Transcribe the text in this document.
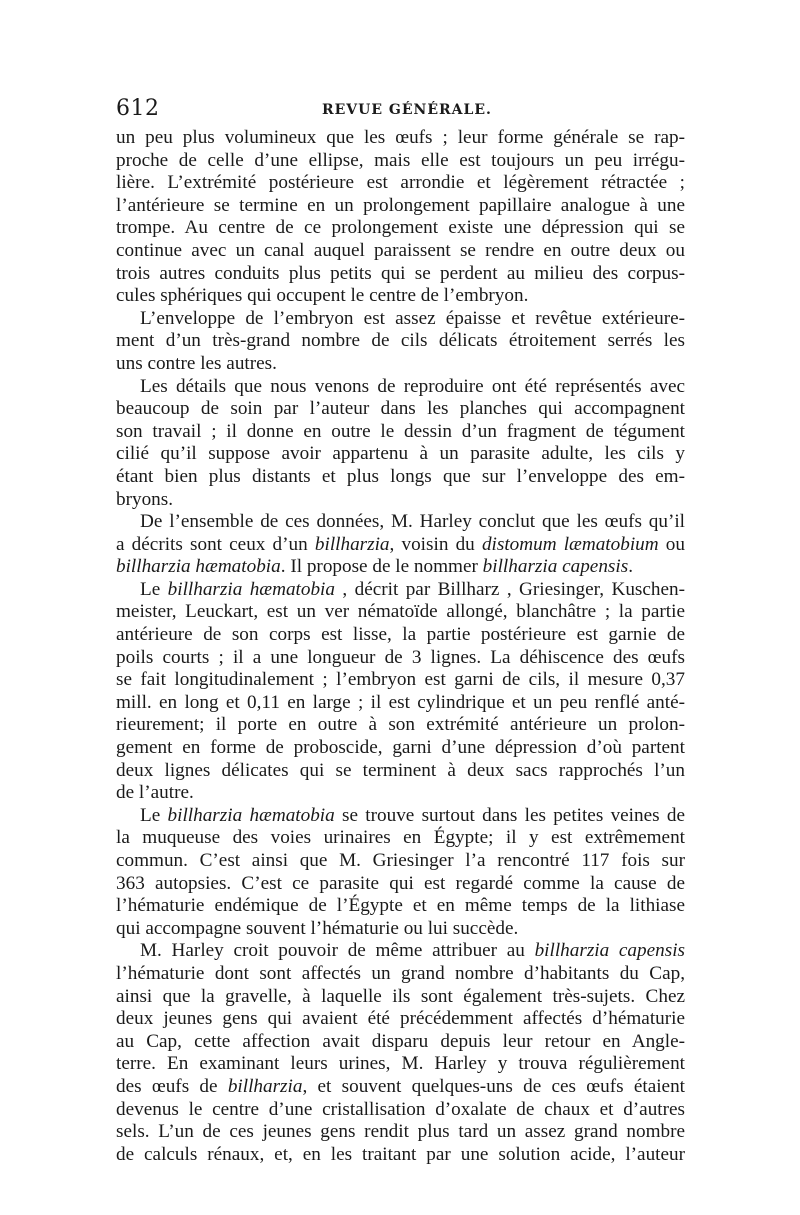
612	REVUE GÉNÉRALE.
un peu plus volumineux que les œufs ; leur forme générale se rap-
proche de celle d’une ellipse, mais elle est toujours un peu irrégu-
lière. L’extrémité postérieure est arrondie et légèrement rétractée ;
l’antérieure se termine en un prolongement papillaire analogue à une
trompe. Au centre de ce prolongement existe une dépression qui se
continue avec un canal auquel paraissent se rendre en outre deux ou
trois autres conduits plus petits qui se perdent au milieu des corpus-
cules sphériques qui occupent le centre de l’embryon.
L’enveloppe de l’embryon est assez épaisse et revêtue extérieure-
ment d’un très-grand nombre de cils délicats étroitement serrés les
uns contre les autres.
Les détails que nous venons de reproduire ont été représentés avec
beaucoup de soin par l’auteur dans les planches qui accompagnent
son travail ; il donne en outre le dessin d’un fragment de tégument
cilié qu’il suppose avoir appartenu à un parasite adulte, les cils y
étant bien plus distants et plus longs que sur l’enveloppe des em-
bryons.
De l’ensemble de ces données, M. Harley conclut que les œufs qu’il
a décrits sont ceux d’un billharzia, voisin du distomum læmatobium ou
billharzia hæmatobia. Il propose de le nommer billharzia capensis.
Le billharzia hæmatobia , décrit par Billharz , Griesinger, Kuschen-
meister, Leuckart, est un ver nématoïde allongé, blanchâtre ; la partie
antérieure de son corps est lisse, la partie postérieure est garnie de
poils courts ; il a une longueur de 3 lignes. La déhiscence des œufs
se fait longitudinalement ; l’embryon est garni de cils, il mesure 0,37
mill. en long et 0,11 en large ; il est cylindrique et un peu renflé anté-
rieurement; il porte en outre à son extrémité antérieure un prolon-
gement en forme de proboscide, garni d’une dépression d’où partent
deux lignes délicates qui se terminent à deux sacs rapprochés l’un
de l’autre.
Le billharzia hæmatobia se trouve surtout dans les petites veines de
la muqueuse des voies urinaires en Égypte; il y est extrêmement
commun. C’est ainsi que M. Griesinger l’a rencontré 117 fois sur
363 autopsies. C’est ce parasite qui est regardé comme la cause de
l’hématurie endémique de l’Égypte et en même temps de la lithiase
qui accompagne souvent l’hématurie ou lui succède.
M. Harley croit pouvoir de même attribuer au billharzia capensis
l’hématurie dont sont affectés un grand nombre d’habitants du Cap,
ainsi que la gravelle, à laquelle ils sont également très-sujets. Chez
deux jeunes gens qui avaient été précédemment affectés d’hématurie
au Cap, cette affection avait disparu depuis leur retour en Angle-
terre. En examinant leurs urines, M. Harley y trouva régulièrement
des œufs de billharzia, et souvent quelques-uns de ces œufs étaient
devenus le centre d’une cristallisation d’oxalate de chaux et d’autres
sels. L’un de ces jeunes gens rendit plus tard un assez grand nombre
de calculs rénaux, et, en les traitant par une solution acide, l’auteur
